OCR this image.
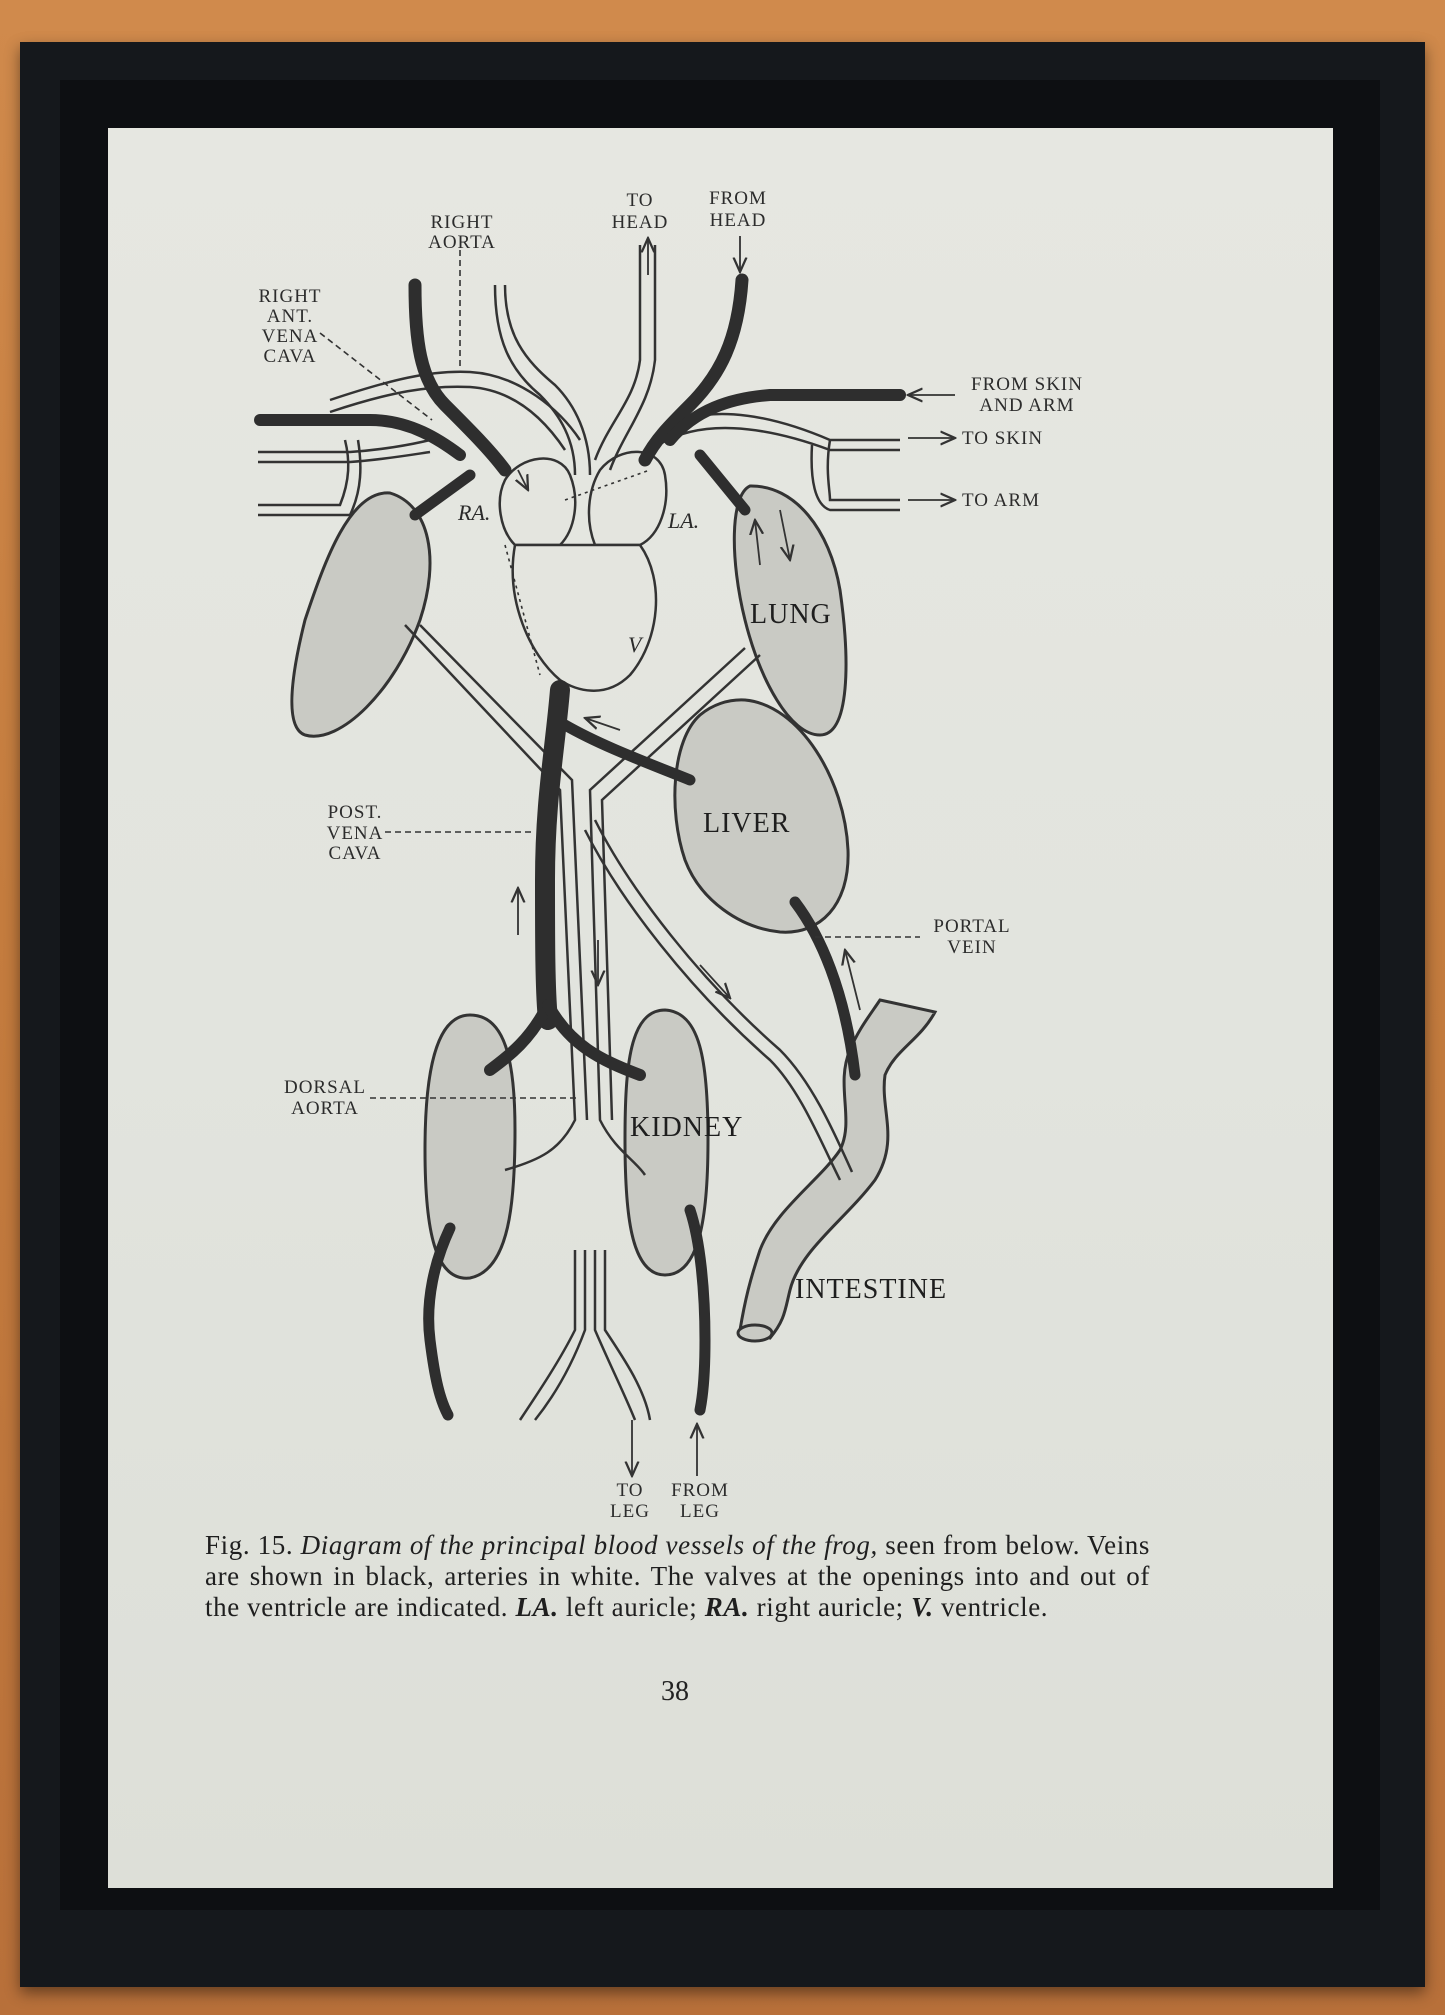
RIGHT
AORTA
TO
HEAD
FROM
HEAD
RIGHT
ANT.
VENA
CAVA
FROM SKIN
AND ARM
TO SKIN
TO ARM
RA.	LA.
V
LUNG
LIVER
POST.
VENA
CAVA
PORTAL
VEIN
DORSAL
AORTA
KIDNEY
INTESTINE
TO
LEG
FROM
LEG
Fig. 15. Diagram of the principal blood vessels of the frog, seen from below. Veins are shown in black, arteries in white. The valves at the openings into and out of the ventricle are indicated. LA. left auricle; RA. right auricle; V. ventricle.
38
